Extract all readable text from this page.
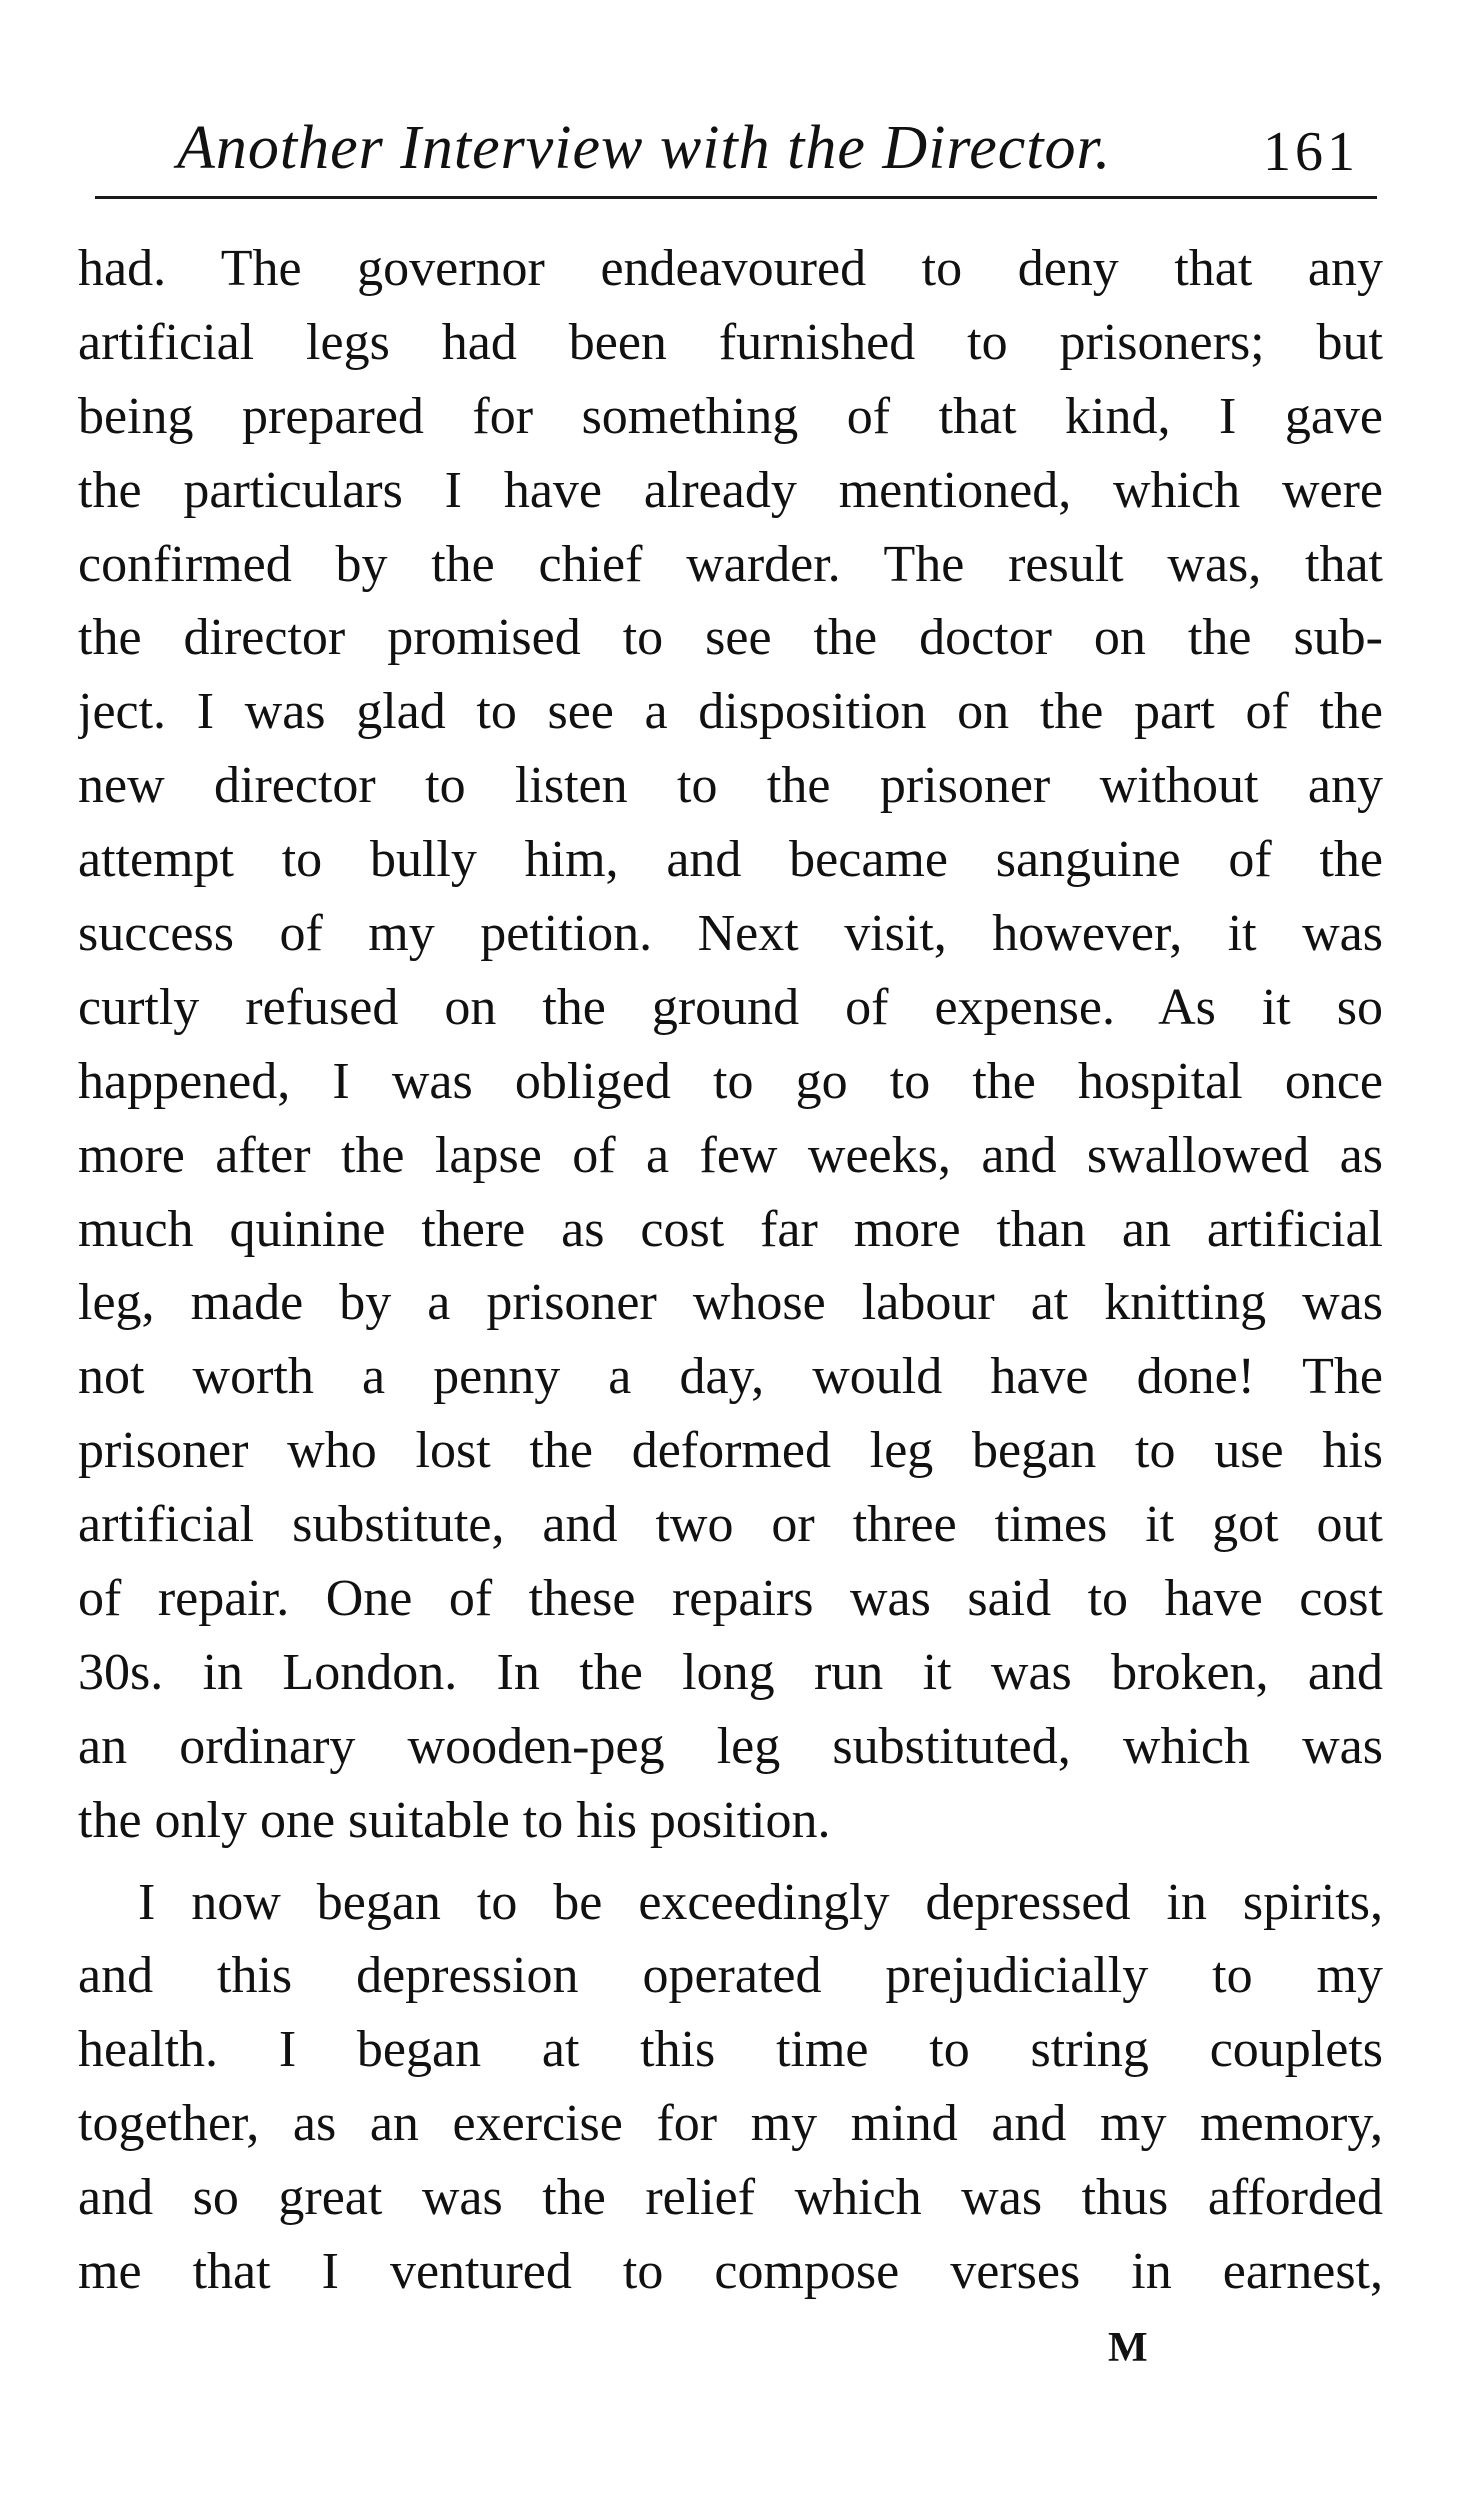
Another Interview with the Director.	161
had. The governor endeavoured to deny that any
artificial legs had been furnished to prisoners; but
being prepared for something of that kind, I gave
the particulars I have already mentioned, which were
confirmed by the chief warder. The result was, that
the director promised to see the doctor on the sub-
ject. I was glad to see a disposition on the part of the
new director to listen to the prisoner without any
attempt to bully him, and became sanguine of the
success of my petition. Next visit, however, it was
curtly refused on the ground of expense. As it so
happened, I was obliged to go to the hospital once
more after the lapse of a few weeks, and swallowed as
much quinine there as cost far more than an artificial
leg, made by a prisoner whose labour at knitting was
not worth a penny a day, would have done! The
prisoner who lost the deformed leg began to use his
artificial substitute, and two or three times it got out
of repair. One of these repairs was said to have cost
30s. in London. In the long run it was broken, and
an ordinary wooden-peg leg substituted, which was
the only one suitable to his position.
I now began to be exceedingly depressed in spirits,
and this depression operated prejudicially to my
health. I began at this time to string couplets
together, as an exercise for my mind and my memory,
and so great was the relief which was thus afforded
me that I ventured to compose verses in earnest,
M
